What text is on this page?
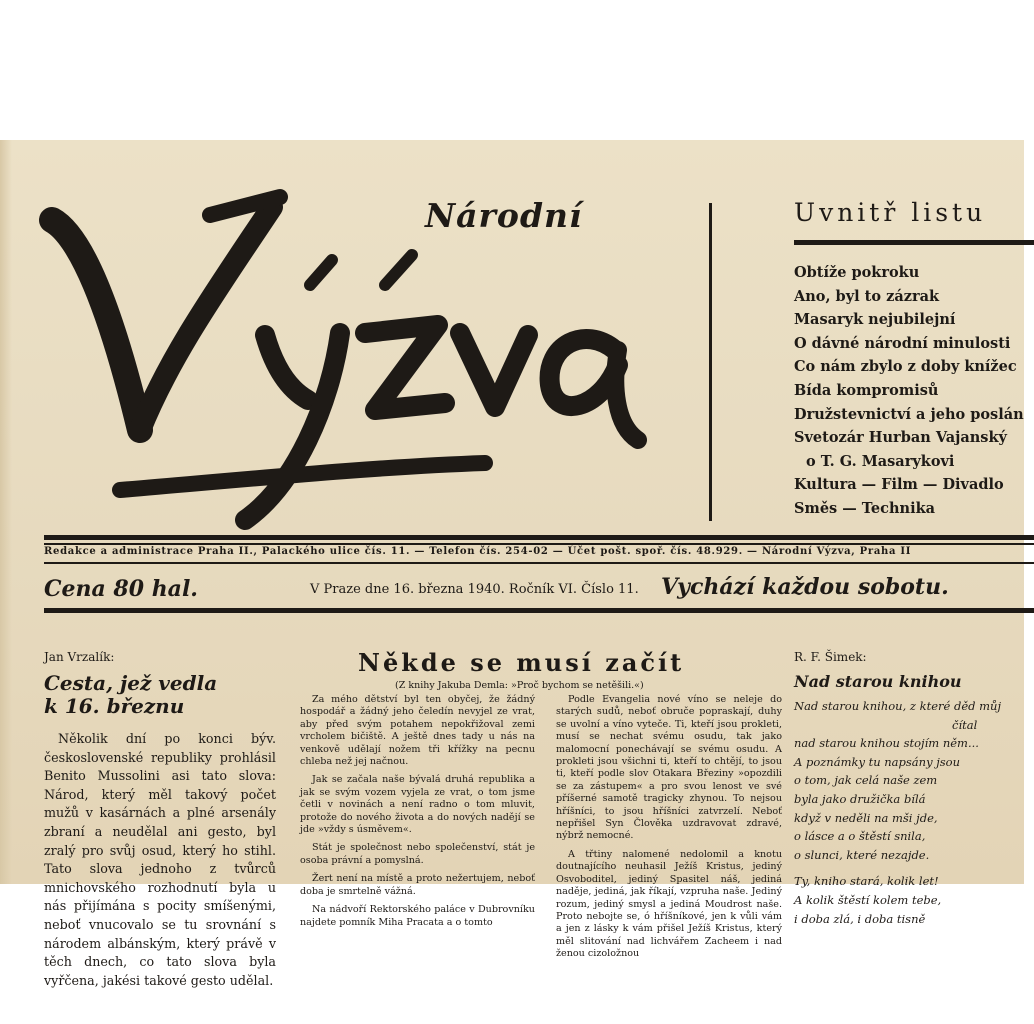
Národní	Uvnitř listu
Obtíže pokroku
Ano, byl to zázrak
Masaryk nejubilejní
O dávné národní minulosti
Co nám zbylo z doby knížec
Bída kompromisů
Družstevnictví a jeho poslán
Svetozár Hurban Vajanský
o T. G. Masarykovi
Kultura — Film — Divadlo
Směs — Technika
Redakce a administrace Praha II., Palackého ulice čís. 11. — Telefon čís. 254-02 — Účet pošt. spoř. čís. 48.929. — Národní Výzva, Praha II
Cena 80 hal.	V Praze dne 16. března 1940. Ročník VI. Číslo 11. Vychází každou sobotu.
Jan Vrzalík:
Cesta, jež vedla
k 16. březnu

Několik dní po konci býv. československé republiky prohlásil Benito Mussolini asi tato slova: Národ, který měl takový počet mužů v kasárnách a plné arsenály zbraní a neudělal ani gesto, byl zralý pro svůj osud, který ho stihl. Tato slova jednoho z tvůrců mnichovského rozhodnutí byla u nás přijímána s pocity smíšenými, neboť vnucovalo se tu srovnání s národem albánským, který právě v těch dnech, co tato slova byla vyřčena, jakési takové gesto udělal.

Někde se musí začít
(Z knihy Jakuba Demla: »Proč bychom se netěšili.«)

Za mého dětství byl ten obyčej, že žádný hospodář a žádný jeho čeledín nevyjel ze vrat, aby před svým potahem nepokřižoval zemi vrcholem bičiště. A ještě dnes tady u nás na venkově udělají nožem tři křížky na pecnu chleba než jej načnou.

Jak se začala naše bývalá druhá republika a jak se svým vozem vyjela ze vrat, o tom jsme četli v novinách a není radno o tom mluvit, protože do nového života a do nových nadějí se jde »vždy s úsměvem«.

Stát je společnost nebo společenství, stát je osoba právní a pomyslná.

Žert není na místě a proto nežertujem, neboť doba je smrtelně vážná.

Na nádvoří Rektorského paláce v Dubrovníku najdete pomník Miha Pracata a o tomto

Podle Evangelia nové víno se neleje do starých sudů, neboť obruče popraskají, duhy se uvolní a víno vyteče. Ti, kteří jsou prokleti, musí se nechat svému osudu, tak jako malomocní ponechávají se svému osudu. A prokleti jsou všichni ti, kteří to chtějí, to jsou ti, kteří podle slov Otakara Březiny »opozdili se za zástupem« a pro svou lenost ve své příšerné samotě tragicky zhynou. To nejsou hříšníci, to jsou hříšníci zatvrzelí. Neboť nepřišel Syn Člověka uzdravovat zdravé, nýbrž nemocné.

A třtiny nalomené nedolomil a knotu doutnajícího neuhasil Ježíš Kristus, jediný Osvoboditel, jediný Spasitel náš, jediná naděje, jediná, jak říkají, vzpruha naše. Jediný rozum, jediný smysl a jediná Moudrost naše. Proto nebojte se, ó hříšníkové, jen k vůli vám a jen z lásky k vám přišel Ježíš Kristus, který měl slitování nad lichvářem Zacheem i nad ženou cizoložnou

R. F. Šimek:
Nad starou knihou
Nad starou knihou, z které děd můj
čítal
nad starou knihou stojím něm...
A poznámky tu napsány jsou
o tom, jak celá naše zem
byla jako družička bílá
když v neděli na mši jde,
o lásce a o štěstí snila,
o slunci, které nezajde.
Ty, kniho stará, kolik let!
A kolik štěstí kolem tebe,
i doba zlá, i doba tisně
